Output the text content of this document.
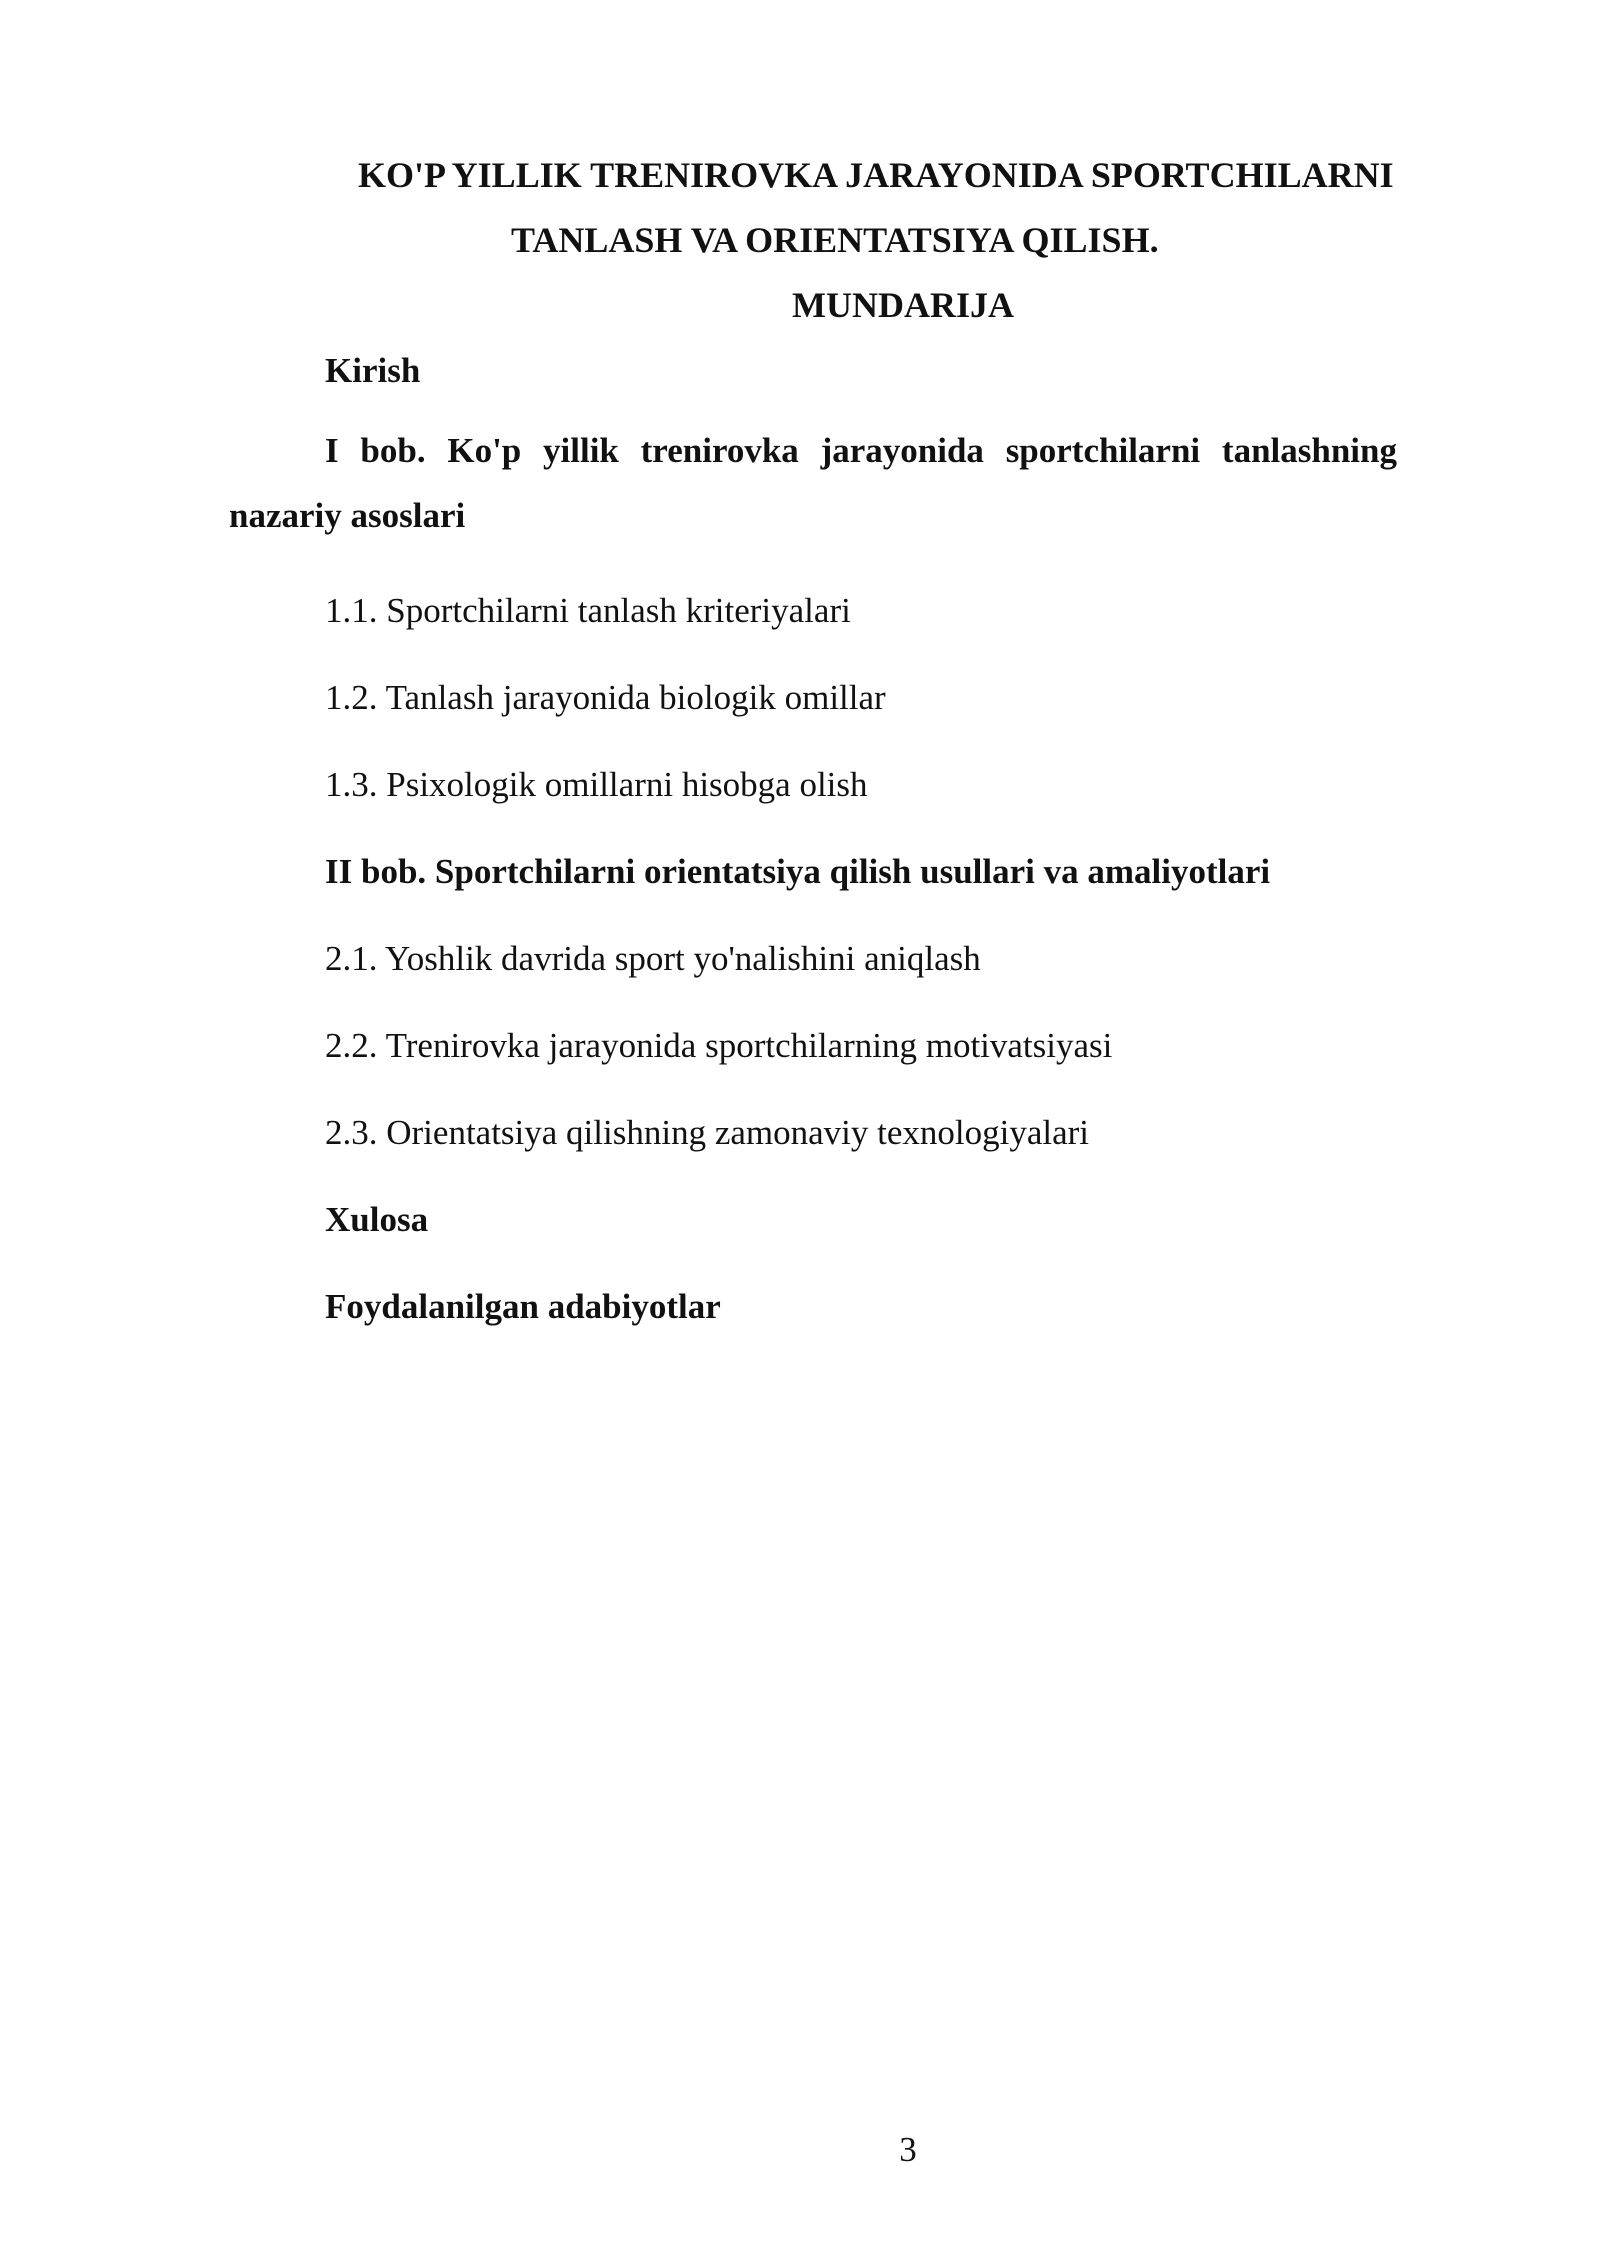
KO'P YILLIK TRENIROVKA JARAYONIDA SPORTCHILARNI
TANLASH VA ORIENTATSIYA QILISH.
MUNDARIJA
Kirish
I bob. Ko'p yillik trenirovka jarayonida sportchilarni tanlashning nazariy asoslari
1.1. Sportchilarni tanlash kriteriyalari
1.2. Tanlash jarayonida biologik omillar
1.3. Psixologik omillarni hisobga olish
II bob. Sportchilarni orientatsiya qilish usullari va amaliyotlari
2.1. Yoshlik davrida sport yo'nalishini aniqlash
2.2. Trenirovka jarayonida sportchilarning motivatsiyasi
2.3. Orientatsiya qilishning zamonaviy texnologiyalari
Xulosa
Foydalanilgan adabiyotlar
3
